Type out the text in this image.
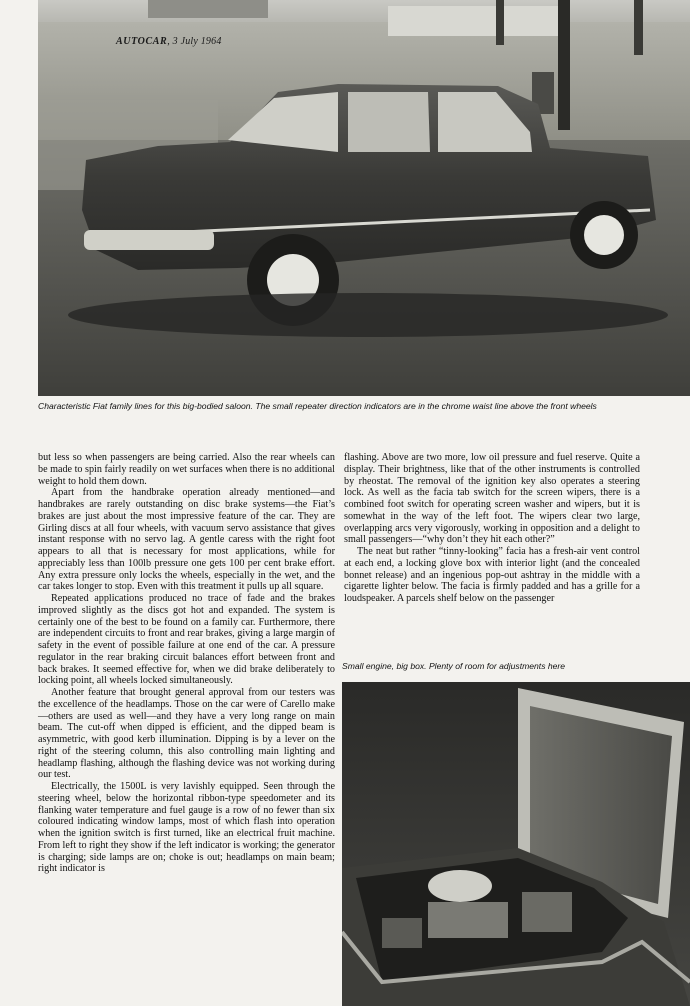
AUTOCAR, 3 July 1964
Characteristic Fiat family lines for this big-bodied saloon. The small repeater direction indicators are in the chrome waist line above the front wheels

but less so when passengers are being carried. Also the rear wheels can be made to spin fairly readily on wet surfaces when there is no additional weight to hold them down.

Apart from the handbrake operation already mentioned—and handbrakes are rarely outstanding on disc brake systems—the Fiat’s brakes are just about the most impressive feature of the car. They are Girling discs at all four wheels, with vacuum servo assistance that gives instant response with no servo lag. A gentle caress with the right foot appears to all that is necessary for most applications, while for appreciably less than 100lb pressure one gets 100 per cent brake effort. Any extra pressure only locks the wheels, especially in the wet, and the car takes longer to stop. Even with this treatment it pulls up all square.

Repeated applications produced no trace of fade and the brakes improved slightly as the discs got hot and expanded. The system is certainly one of the best to be found on a family car. Furthermore, there are independent circuits to front and rear brakes, giving a large margin of safety in the event of possible failure at one end of the car. A pressure regulator in the rear braking circuit balances effort between front and back brakes. It seemed effective for, when we did brake deliberately to locking point, all wheels locked simultaneously.

Another feature that brought general approval from our testers was the excellence of the headlamps. Those on the car were of Carello make—others are used as well—and they have a very long range on main beam. The cut-off when dipped is efficient, and the dipped beam is asymmetric, with good kerb illumination. Dipping is by a lever on the right of the steering column, this also controlling main lighting and headlamp flashing, although the flashing device was not working during our test.

Electrically, the 1500L is very lavishly equipped. Seen through the steering wheel, below the horizontal ribbon-type speedometer and its flanking water temperature and fuel gauge is a row of no fewer than six coloured indicating window lamps, most of which flash into operation when the ignition switch is first turned, like an electrical fruit machine. From left to right they show if the left indicator is working; the generator is charging; side lamps are on; choke is out; headlamps on main beam; right indicator is

flashing. Above are two more, low oil pressure and fuel reserve. Quite a display. Their brightness, like that of the other instruments is controlled by rheostat. The removal of the ignition key also operates a steering lock. As well as the facia tab switch for the screen wipers, there is a combined foot switch for operating screen washer and wipers, but it is somewhat in the way of the left foot. The wipers clear two large, overlapping arcs very vigorously, working in opposition and a delight to small passengers—“why don’t they hit each other?”

The neat but rather “tinny-looking” facia has a fresh-air vent control at each end, a locking glove box with interior light (and the concealed bonnet release) and an ingenious pop-out ashtray in the middle with a cigarette lighter below. The facia is firmly padded and has a grille for a loudspeaker. A parcels shelf below on the passenger

Small engine, big box. Plenty of room for adjustments here
